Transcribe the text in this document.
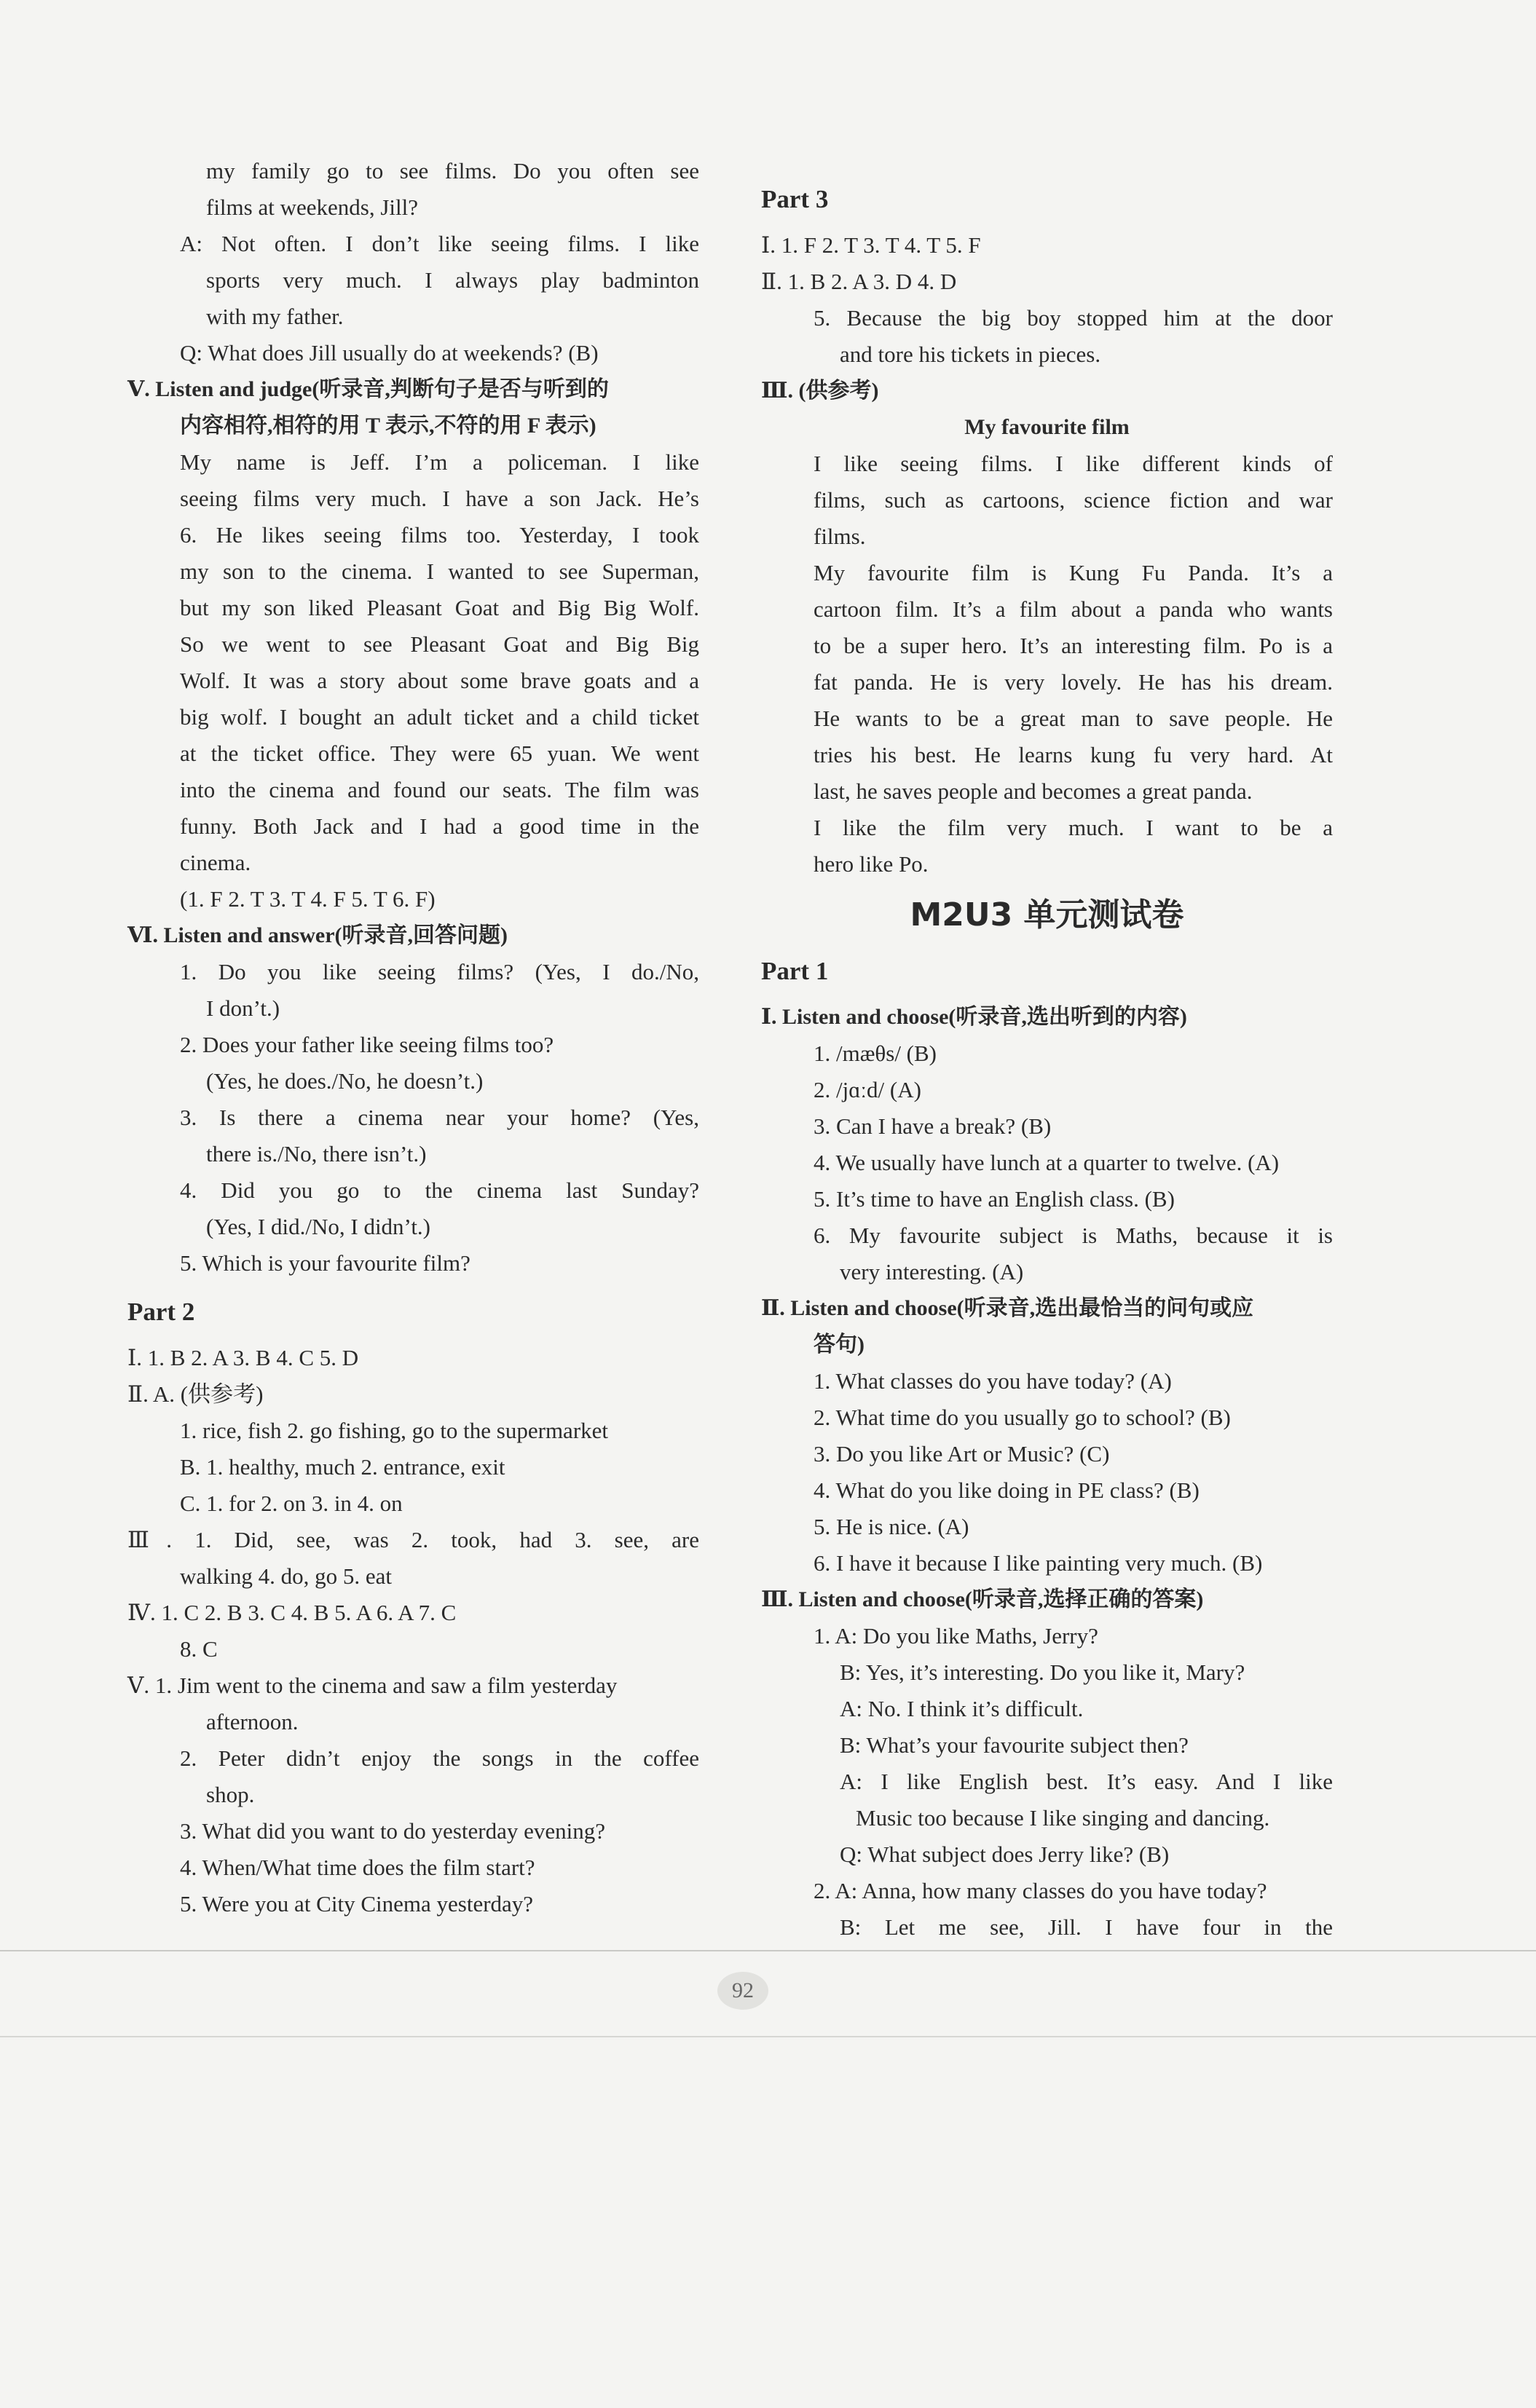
my family go to see films. Do you often see
films at weekends, Jill?
A: Not often. I don’t like seeing films. I like
sports very much. I always play badminton
with my father.
Q: What does Jill usually do at weekends? (B)
Ⅴ. Listen and judge(听录音,判断句子是否与听到的
内容相符,相符的用 T 表示,不符的用 F 表示)
My name is Jeff. I’m a policeman. I like
seeing films very much. I have a son Jack. He’s
6. He likes seeing films too. Yesterday, I took
my son to the cinema. I wanted to see Superman,
but my son liked Pleasant Goat and Big Big Wolf.
So we went to see Pleasant Goat and Big Big
Wolf. It was a story about some brave goats and a
big wolf. I bought an adult ticket and a child ticket
at the ticket office. They were 65 yuan. We went
into the cinema and found our seats. The film was
funny. Both Jack and I had a good time in the
cinema.
(1. F 2. T 3. T 4. F 5. T 6. F)
Ⅵ. Listen and answer(听录音,回答问题)
1. Do you like seeing films? (Yes, I do./No,
I don’t.)
2. Does your father like seeing films too?
(Yes, he does./No, he doesn’t.)
3. Is there a cinema near your home? (Yes,
there is./No, there isn’t.)
4. Did you go to the cinema last Sunday?
(Yes, I did./No, I didn’t.)
5. Which is your favourite film?
Part 2
Ⅰ. 1. B 2. A 3. B 4. C 5. D
Ⅱ. A. (供参考)
1. rice, fish 2. go fishing, go to the supermarket
B. 1. healthy, much 2. entrance, exit
C. 1. for 2. on 3. in 4. on
Ⅲ. 1. Did, see, was 2. took, had 3. see, are
walking 4. do, go 5. eat
Ⅳ. 1. C 2. B 3. C 4. B 5. A 6. A 7. C
8. C
Ⅴ. 1. Jim went to the cinema and saw a film yesterday
afternoon.
2. Peter didn’t enjoy the songs in the coffee
shop.
3. What did you want to do yesterday evening?
4. When/What time does the film start?
5. Were you at City Cinema yesterday?
Part 3
Ⅰ. 1. F 2. T 3. T 4. T 5. F
Ⅱ. 1. B 2. A 3. D 4. D
5. Because the big boy stopped him at the door
and tore his tickets in pieces.
Ⅲ. (供参考)
My favourite film
I like seeing films. I like different kinds of
films, such as cartoons, science fiction and war
films.
My favourite film is Kung Fu Panda. It’s a
cartoon film. It’s a film about a panda who wants
to be a super hero. It’s an interesting film. Po is a
fat panda. He is very lovely. He has his dream.
He wants to be a great man to save people. He
tries his best. He learns kung fu very hard. At
last, he saves people and becomes a great panda.
I like the film very much. I want to be a
hero like Po.
M2U3 单元测试卷
Part 1
Ⅰ. Listen and choose(听录音,选出听到的内容)
1. /mæθs/ (B)
2. /jɑːd/ (A)
3. Can I have a break? (B)
4. We usually have lunch at a quarter to twelve. (A)
5. It’s time to have an English class. (B)
6. My favourite subject is Maths, because it is
very interesting. (A)
Ⅱ. Listen and choose(听录音,选出最恰当的问句或应
答句)
1. What classes do you have today? (A)
2. What time do you usually go to school? (B)
3. Do you like Art or Music? (C)
4. What do you like doing in PE class? (B)
5. He is nice. (A)
6. I have it because I like painting very much. (B)
Ⅲ. Listen and choose(听录音,选择正确的答案)
1. A: Do you like Maths, Jerry?
B: Yes, it’s interesting. Do you like it, Mary?
A: No. I think it’s difficult.
B: What’s your favourite subject then?
A: I like English best. It’s easy. And I like
Music too because I like singing and dancing.
Q: What subject does Jerry like? (B)
2. A: Anna, how many classes do you have today?
B: Let me see, Jill. I have four in the
92
